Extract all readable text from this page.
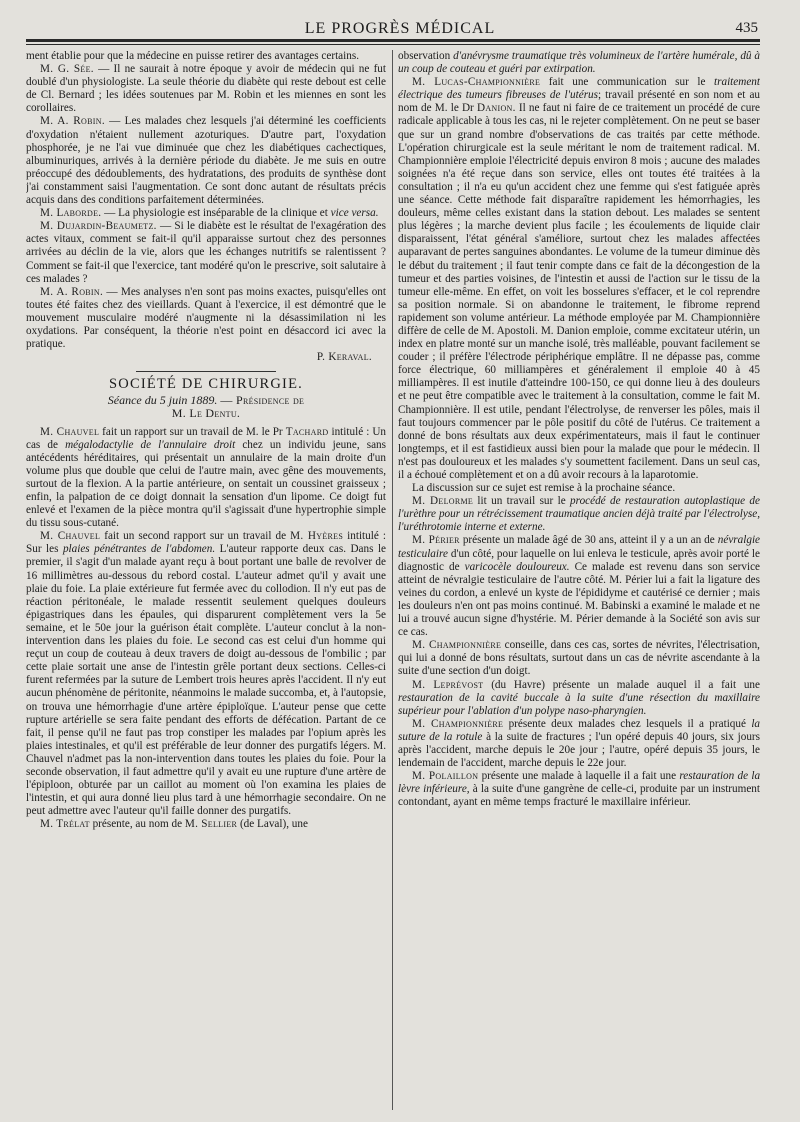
LE PROGRÈS MÉDICAL	435

ment établie pour que la médecine en puisse retirer des avantages certains.

M. G. Sée. — Il ne saurait à notre époque y avoir de médecin qui ne fut doublé d'un physiologiste. La seule théorie du diabète qui reste debout est celle de Cl. Bernard ; les idées soutenues par M. Robin et les miennes en sont les corollaires.

M. A. Robin. — Les malades chez lesquels j'ai déterminé les coefficients d'oxydation n'étaient nullement azoturiques. D'autre part, l'oxydation phosphorée, je ne l'ai vue diminuée que chez les diabétiques cachectiques, albuminuriques, arrivés à la dernière période du diabète. Je me suis en outre préoccupé des dédoublements, des hydratations, des produits de synthèse dont j'ai constamment saisi l'augmentation. Ce sont donc autant de résultats précis acquis dans des conditions parfaitement déterminées.

M. Laborde. — La physiologie est inséparable de la clinique et vice versa.

M. Dujardin-Beaumetz. — Si le diabète est le résultat de l'exagération des actes vitaux, comment se fait-il qu'il apparaisse surtout chez des personnes arrivées au déclin de la vie, alors que les échanges nutritifs se ralentissent ? Comment se fait-il que l'exercice, tant modéré qu'on le prescrive, soit salutaire à ces malades ?

M. A. Robin. — Mes analyses n'en sont pas moins exactes, puisqu'elles ont toutes été faites chez des vieillards. Quant à l'exercice, il est démontré que le mouvement musculaire modéré n'augmente ni la désassimilation ni les oxydations. Par conséquent, la théorie n'est point en désaccord ici avec la pratique.

P. Keraval.

SOCIÉTÉ DE CHIRURGIE.

Séance du 5 juin 1889. — Présidence de

M. Le Dentu.

M. Chauvel fait un rapport sur un travail de M. le Pr Tachard intitulé : Un cas de mégalodactylie de l'annulaire droit chez un individu jeune, sans antécédents héréditaires, qui présentait un annulaire de la main droite d'un volume plus que double que celui de l'autre main, avec gêne des mouvements, surtout de la flexion. A la partie antérieure, on sentait un coussinet graisseux ; enfin, la palpation de ce doigt donnait la sensation d'un lipome. Ce doigt fut enlevé et l'examen de la pièce montra qu'il s'agissait d'une hypertrophie simple du tissu sous-cutané.

M. Chauvel fait un second rapport sur un travail de M. Hyères intitulé : Sur les plaies pénétrantes de l'abdomen. L'auteur rapporte deux cas. Dans le premier, il s'agit d'un malade ayant reçu à bout portant une balle de revolver de 16 millimètres au-dessous du rebord costal. L'auteur admet qu'il y avait une plaie du foie. La plaie extérieure fut fermée avec du collodion. Il n'y eut pas de réaction péritonéale, le malade ressentit seulement quelques douleurs épigastriques dans les épaules, qui disparurent complètement vers la 5e semaine, et le 50e jour la guérison était complète. L'auteur conclut à la non-intervention dans les plaies du foie. Le second cas est celui d'un homme qui reçut un coup de couteau à deux travers de doigt au-dessous de l'ombilic ; par cette plaie sortait une anse de l'intestin grêle portant deux sections. Celles-ci furent refermées par la suture de Lembert trois heures après l'accident. Il n'y eut aucun phénomène de péritonite, néanmoins le malade succomba, et, à l'autopsie, on trouva une hémorrhagie d'une artère épiploïque. L'auteur pense que cette rupture artérielle se sera faite pendant des efforts de défécation. Partant de ce fait, il pense qu'il ne faut pas trop constiper les malades par l'opium après les plaies intestinales, et qu'il est préférable de leur donner des purgatifs légers. M. Chauvel n'admet pas la non-intervention dans toutes les plaies du foie. Pour la seconde observation, il faut admettre qu'il y avait eu une rupture d'une artère de l'épiploon, obturée par un caillot au moment où l'on examina les plaies de l'intestin, et qui aura donné lieu plus tard à une hémorrhagie secondaire. On ne peut admettre avec l'auteur qu'il faille donner des purgatifs.

M. Trélat présente, au nom de M. Sellier (de Laval), une

observation d'anévrysme traumatique très volumineux de l'artère humérale, dû à un coup de couteau et guéri par extirpation.

M. Lucas-Championnière fait une communication sur le traitement électrique des tumeurs fibreuses de l'utérus; travail présenté en son nom et au nom de M. le Dr Danion. Il ne faut ni faire de ce traitement un procédé de cure radicale applicable à tous les cas, ni le rejeter complètement. On ne peut se baser que sur un grand nombre d'observations de cas traités par cette méthode. L'opération chirurgicale est la seule méritant le nom de traitement radical. M. Championnière emploie l'électricité depuis environ 8 mois ; aucune des malades soignées n'a été reçue dans son service, elles ont toutes été traitées à la consultation ; il n'a eu qu'un accident chez une femme qui s'est fatiguée après une séance. Cette méthode fait disparaître rapidement les hémorrhagies, les douleurs, même celles existant dans la station debout. Les malades se sentent plus légères ; la marche devient plus facile ; les écoulements de liquide clair disparaissent, l'état général s'améliore, surtout chez les malades affectées auparavant de pertes sanguines abondantes. Le volume de la tumeur diminue dès le début du traitement ; il faut tenir compte dans ce fait de la décongestion de la tumeur et des parties voisines, de l'intestin et aussi de l'action sur le tissu de la tumeur elle-même. En effet, on voit les bosselures s'effacer, et le col reprendre sa position normale. Si on abandonne le traitement, le fibrome reprend rapidement son volume antérieur. La méthode employée par M. Championnière diffère de celle de M. Apostoli. M. Danion emploie, comme excitateur utérin, un index en platre monté sur un manche isolé, très malléable, pouvant facilement se couder ; il préfère l'électrode périphérique emplâtre. Il ne dépasse pas, comme force électrique, 60 milliampères et généralement il emploie 40 à 45 milliampères. Il est inutile d'atteindre 100-150, ce qui donne lieu à des douleurs et ne peut être compatible avec le traitement à la consultation, comme le fait M. Championnière. Il est utile, pendant l'électrolyse, de renverser les pôles, mais il faut toujours commencer par le pôle positif du côté de l'utérus. Ce traitement a donné de bons résultats aux deux expérimentateurs, mais il faut le continuer longtemps, et il est fastidieux aussi bien pour la malade que pour le médecin. Il n'est pas douloureux et les malades s'y soumettent facilement. Dans un seul cas, il a échoué complètement et on a dû avoir recours à la laparotomie.

La discussion sur ce sujet est remise à la prochaine séance.

M. Delorme lit un travail sur le procédé de restauration autoplastique de l'urèthre pour un rétrécissement traumatique ancien déjà traité par l'électrolyse, l'uréthrotomie interne et externe.

M. Périer présente un malade âgé de 30 ans, atteint il y a un an de névralgie testiculaire d'un côté, pour laquelle on lui enleva le testicule, après avoir porté le diagnostic de varicocèle douloureux. Ce malade est revenu dans son service atteint de névralgie testiculaire de l'autre côté. M. Périer lui a fait la ligature des veines du cordon, a enlevé un kyste de l'épididyme et cautérisé ce dernier ; mais les douleurs n'en ont pas moins continué. M. Babinski a examiné le malade et ne lui a trouvé aucun signe d'hystérie. M. Périer demande à la Société son avis sur ce cas.

M. Championnière conseille, dans ces cas, sortes de névrites, l'électrisation, qui lui a donné de bons résultats, surtout dans un cas de névrite ascendante à la suite d'une section d'un doigt.

M. Leprévost (du Havre) présente un malade auquel il a fait une restauration de la cavité buccale à la suite d'une résection du maxillaire supérieur pour l'ablation d'un polype naso-pharyngien.

M. Championnière présente deux malades chez lesquels il a pratiqué la suture de la rotule à la suite de fractures ; l'un opéré depuis 40 jours, six jours après l'accident, marche depuis le 20e jour ; l'autre, opéré depuis 35 jours, le lendemain de l'accident, marche depuis le 22e jour.

M. Polaillon présente une malade à laquelle il a fait une restauration de la lèvre inférieure, à la suite d'une gangrène de celle-ci, produite par un instrument contondant, ayant en même temps fracturé le maxillaire inférieur.
